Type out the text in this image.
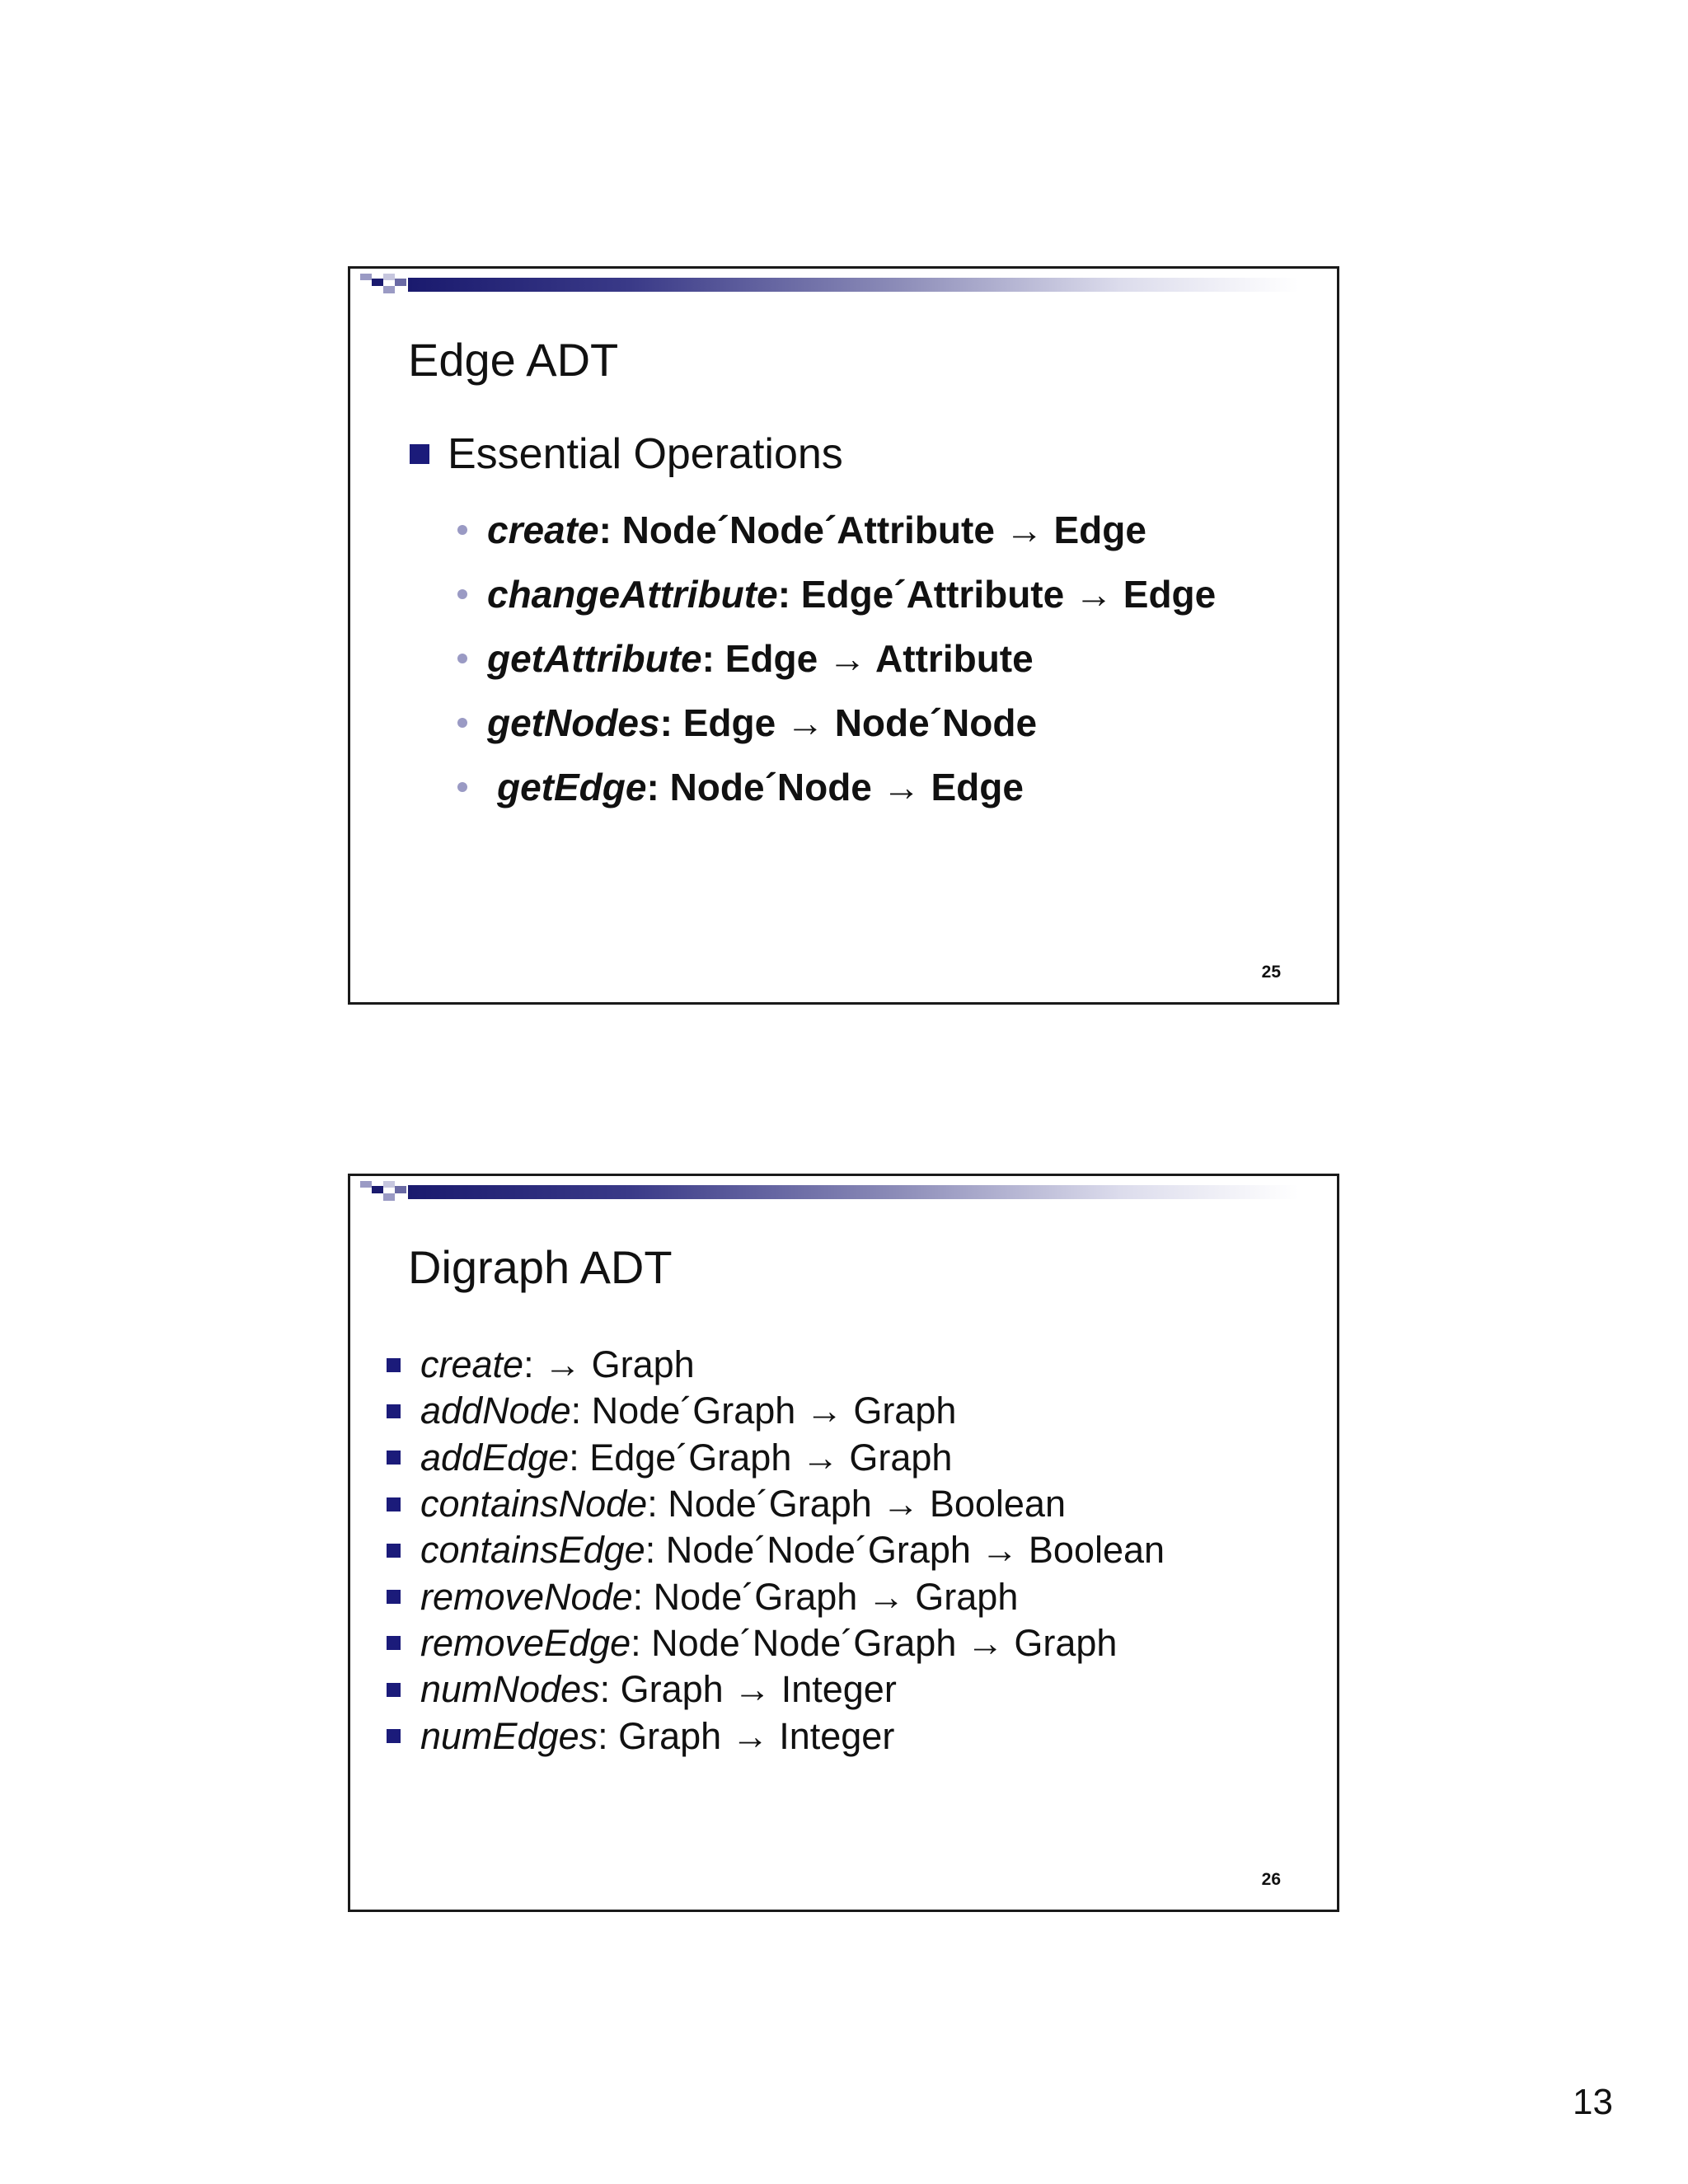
Edge ADT
Essential Operations
create : Node´Node´Attribute → Edge
changeAttribute : Edge´Attribute → Edge
getAttribute : Edge → Attribute
getNodes : Edge → Node´Node
getEdge : Node´Node → Edge
25
Digraph ADT
create : → Graph
addNode : Node´Graph → Graph
addEdge : Edge´Graph → Graph
containsNode : Node´Graph → Boolean
containsEdge : Node´Node´Graph → Boolean
removeNode : Node´Graph → Graph
removeEdge : Node´Node´Graph → Graph
numNodes : Graph → Integer
numEdges : Graph → Integer
26
13
